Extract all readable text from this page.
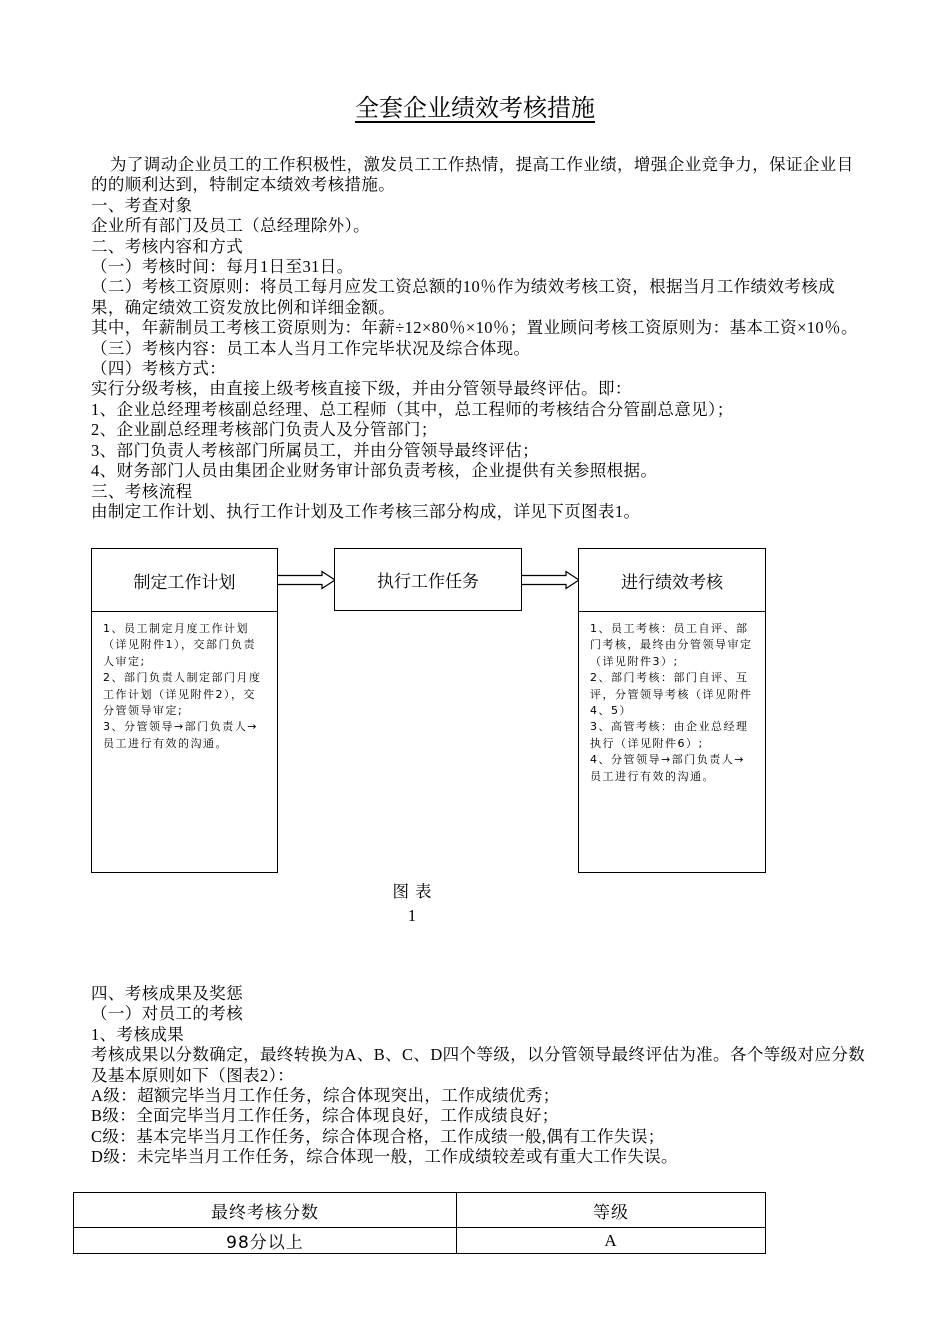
全套企业绩效考核措施

为了调动企业员工的工作积极性，激发员工工作热情，提高工作业绩，增强企业竞争力，保证企业目的的顺利达到，特制定本绩效考核措施。

一、考查对象

企业所有部门及员工（总经理除外）。

二、考核内容和方式

（一）考核时间：每月1日至31日。

（二）考核工资原则：将员工每月应发工资总额的10％作为绩效考核工资，根据当月工作绩效考核成果，确定绩效工资发放比例和详细金额。

其中，年薪制员工考核工资原则为：年薪÷12×80％×10％；置业顾问考核工资原则为：基本工资×10％。

（三）考核内容：员工本人当月工作完毕状况及综合体现。

（四）考核方式：

实行分级考核，由直接上级考核直接下级，并由分管领导最终评估。即：

1、企业总经理考核副总经理、总工程师（其中，总工程师的考核结合分管副总意见）；

2、企业副总经理考核部门负责人及分管部门；

3、部门负责人考核部门所属员工，并由分管领导最终评估；

4、财务部门人员由集团企业财务审计部负责考核，企业提供有关参照根据。

三、考核流程

由制定工作计划、执行工作计划及工作考核三部分构成，详见下页图表1。

制定工作计划

1、员工制定月度工作计划（详见附件1），交部门负责人审定;

2、部门负责人制定部门月度工作计划（详见附件2），交分管领导审定;

3、分管领导→部门负责人→员工进行有效的沟通。

执行工作任务	进行绩效考核

1、员工考核：员工自评、部门考核，最终由分管领导审定（详见附件3）;

2、部门考核：部门自评、互评，分管领导考核（详见附件4、5）

3、高管考核：由企业总经理执行（详见附件6）;

4、分管领导→部门负责人→员工进行有效的沟通。

图表
1

四、考核成果及奖惩

（一）对员工的考核

1、考核成果

考核成果以分数确定，最终转换为A、B、C、D四个等级，以分管领导最终评估为准。各个等级对应分数及基本原则如下（图表2）：

A级：超额完毕当月工作任务，综合体现突出，工作成绩优秀；

B级：全面完毕当月工作任务，综合体现良好，工作成绩良好；

C级：基本完毕当月工作任务，综合体现合格，工作成绩一般,偶有工作失误；

D级：未完毕当月工作任务，综合体现一般，工作成绩较差或有重大工作失误。

最终考核分数	等级
98分以上	A
